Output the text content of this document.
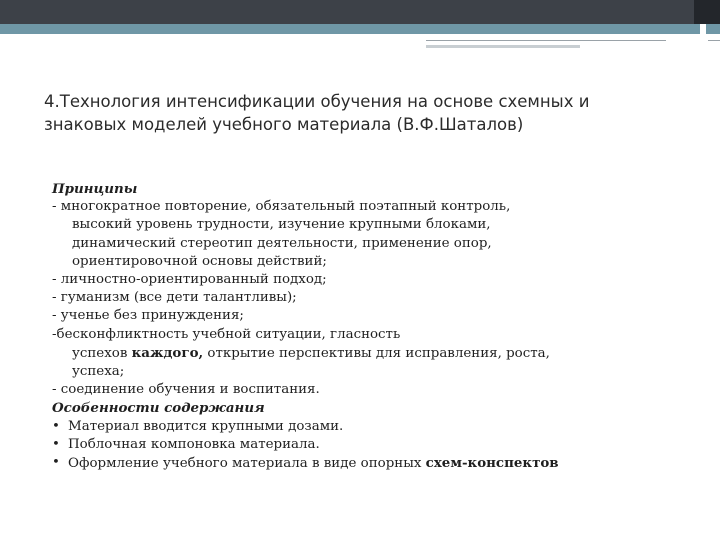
4.Технология интенсификации обучения на основе схемных и
знаковых моделей учебного материала (В.Ф.Шаталов)
Принципы
- многократное повторение, обязательный поэтапный контроль,
высокий уровень трудности, изучение крупными блоками,
динамический стереотип деятельности, применение опор,
ориентировочной основы действий;
- личностно-ориентированный подход;
- гуманизм (все дети талантливы);
- ученье без принуждения;
-бесконфликтность учебной ситуации, гласность
успехов каждого, открытие перспективы для исправления, роста,
успеха;
- соединение обучения и воспитания.
Особенности содержания
• Материал вводится крупными дозами.
• Поблочная компоновка материала.
• Оформление учебного материала в виде опорных схем-конспектов
